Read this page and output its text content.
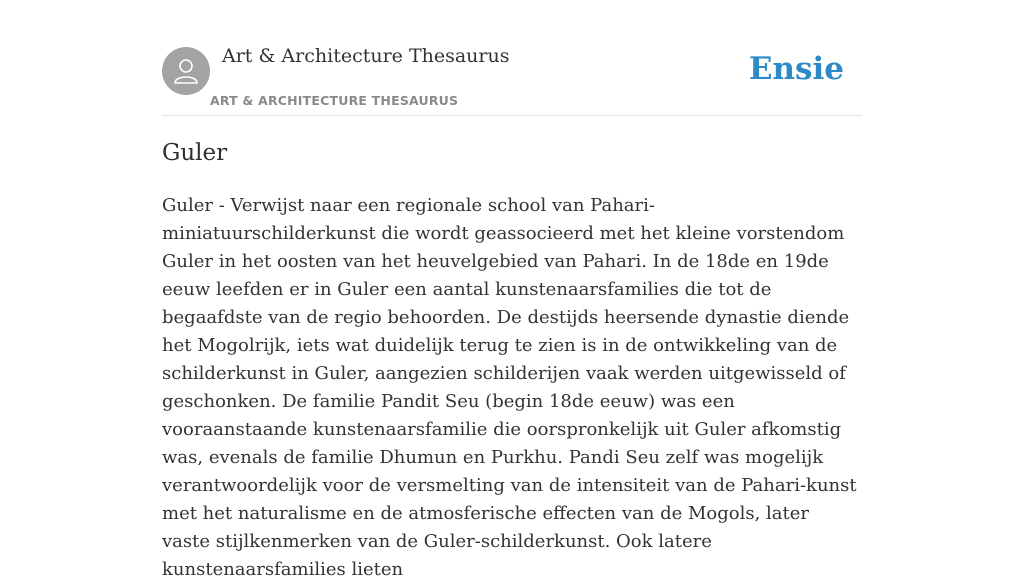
Art & Architecture Thesaurus
ART & ARCHITECTURE THESAURUS
Ensie
Guler

Guler - Verwijst naar een regionale school van Pahari-miniatuurschilderkunst die wordt geassocieerd met het kleine vorstendom Guler in het oosten van het heuvelgebied van Pahari. In de 18de en 19de eeuw leefden er in Guler een aantal kunstenaarsfamilies die tot de begaafdste van de regio behoorden. De destijds heersende dynastie diende het Mogolrijk, iets wat duidelijk terug te zien is in de ontwikkeling van de schilderkunst in Guler, aangezien schilderijen vaak werden uitgewisseld of geschonken. De familie Pandit Seu (begin 18de eeuw) was een vooraanstaande kunstenaarsfamilie die oorspronkelijk uit Guler afkomstig was, evenals de familie Dhumun en Purkhu. Pandi Seu zelf was mogelijk verantwoordelijk voor de versmelting van de intensiteit van de Pahari-kunst met het naturalisme en de atmosferische effecten van de Mogols, later vaste stijlkenmerken van de Guler-schilderkunst. Ook latere kunstenaarsfamilies lieten
